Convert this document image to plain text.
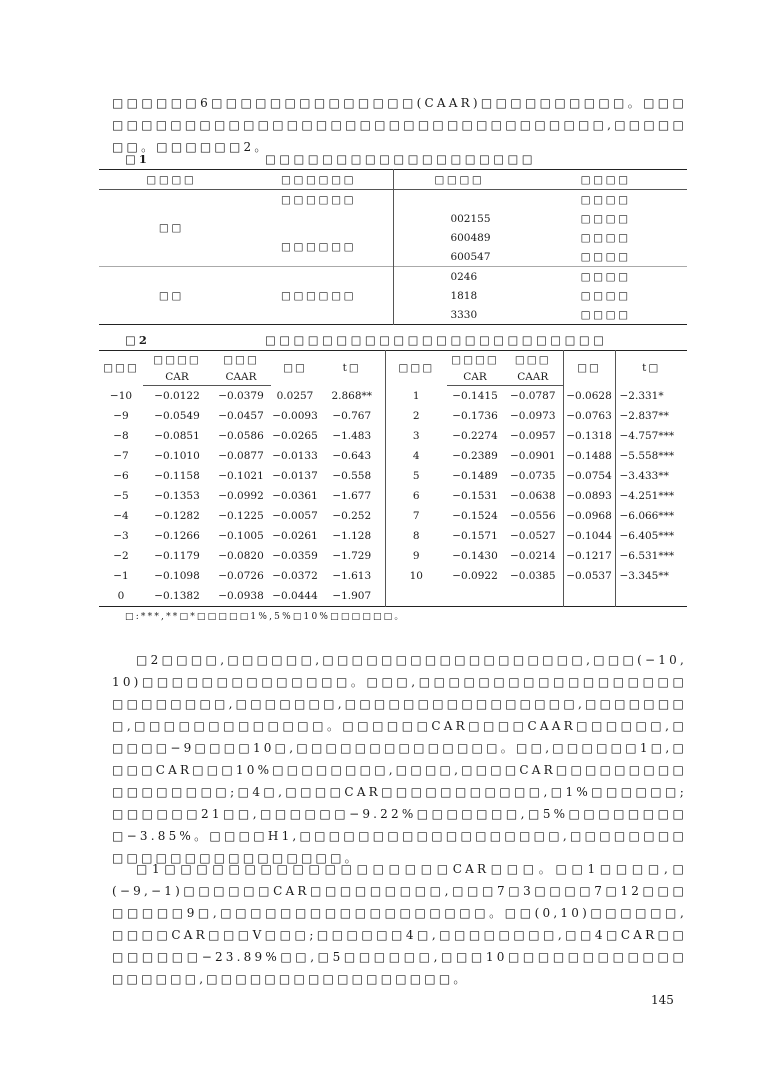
□□□□□□6□□□□□□□□□□□□□□(CAAR)□□□□□□□□□□。□□□□□□□□□□□□□□□□□□□□□□□□□□□□□□□□□□□□□,□□□□□□□。□□□□□□2。

□1	□□□□□□□□□□□□□□□□□□□
□□□□	□□□□□□	□□□□	□□□□
□□	□□□□□□		□□□□
		002155	□□□□
	□□□□□□	600489	□□□□
		600547	□□□□
□□	□□□□□□	0246	□□□□
		1818	□□□□
		3330	□□□□
□2	□□□□□□□□□□□□□□□□□□□□□□□□
□□□	□□□□	□□□	□□	t□	□□□	□□□□	□□□	□□	t□
	CAR	CAAR				CAR	CAAR		
−10	−0.0122	−0.0379	0.0257	2.868**	1	−0.1415	−0.0787	−0.0628	−2.331*
−9	−0.0549	−0.0457	−0.0093	−0.767	2	−0.1736	−0.0973	−0.0763	−2.837**
−8	−0.0851	−0.0586	−0.0265	−1.483	3	−0.2274	−0.0957	−0.1318	−4.757***
−7	−0.1010	−0.0877	−0.0133	−0.643	4	−0.2389	−0.0901	−0.1488	−5.558***
−6	−0.1158	−0.1021	−0.0137	−0.558	5	−0.1489	−0.0735	−0.0754	−3.433**
−5	−0.1353	−0.0992	−0.0361	−1.677	6	−0.1531	−0.0638	−0.0893	−4.251***
−4	−0.1282	−0.1225	−0.0057	−0.252	7	−0.1524	−0.0556	−0.0968	−6.066***
−3	−0.1266	−0.1005	−0.0261	−1.128	8	−0.1571	−0.0527	−0.1044	−6.405***
−2	−0.1179	−0.0820	−0.0359	−1.729	9	−0.1430	−0.0214	−0.1217	−6.531***
−1	−0.1098	−0.0726	−0.0372	−1.613	10	−0.0922	−0.0385	−0.0537	−3.345**
0	−0.1382	−0.0938	−0.0444	−1.907					
□:***,**□*□□□□□1%,5%□10%□□□□□□。

□2□□□□,□□□□□□,□□□□□□□□□□□□□□□□□□,□□□(−10,10)□□□□□□□□□□□□□□。□□□,□□□□□□□□□□□□□□□□□□□□□□□□□□,□□□□□□□,□□□□□□□□□□□□□□□□,□□□□□□□□,□□□□□□□□□□□□□。□□□□□□CAR□□□□CAAR□□□□□□,□□□□□−9□□□□10□,□□□□□□□□□□□□□□。□□,□□□□□□1□,□□□□CAR□□□10%□□□□□□□□,□□□□,□□□□CAR□□□□□□□□□□□□□□□□□;□4□,□□□□CAR□□□□□□□□□□□,□1%□□□□□□;□□□□□□21□□,□□□□□□−9.22%□□□□□□□,□5%□□□□□□□□□−3.85%。□□□□H1,□□□□□□□□□□□□□□□□□□,□□□□□□□□□□□□□□□□□□□□□□□□。

□1□□□□□□□□□□□□□□□□□□CAR□□□。□□1□□□□,□(−9,−1)□□□□□□CAR□□□□□□□□□,□□□7□3□□□□7□12□□□□□□□□9□,□□□□□□□□□□□□□□□□□□。□□(0,10)□□□□□□,□□□□CAR□□□V□□□;□□□□□□4□,□□□□□□□□,□□4□CAR□□□□□□□□−23.89%□□,□5□□□□□□,□□□10□□□□□□□□□□□□□□□□□□,□□□□□□□□□□□□□□□□□。

145
